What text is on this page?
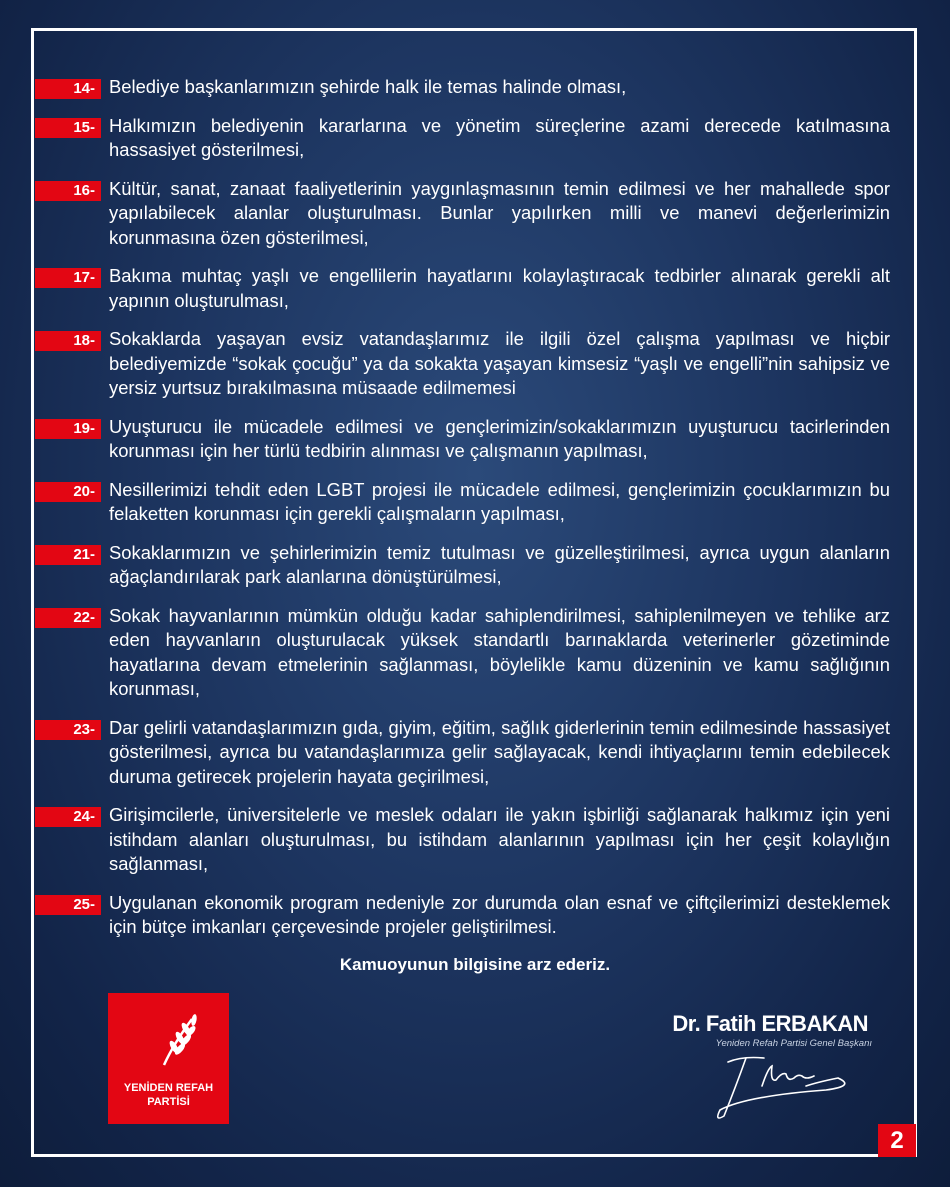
14- Belediye başkanlarımızın şehirde halk ile temas halinde olması,
15- Halkımızın belediyenin kararlarına ve yönetim süreçlerine azami derecede katılmasına hassasiyet gösterilmesi,
16- Kültür, sanat, zanaat faaliyetlerinin yaygınlaşmasının temin edilmesi ve her mahallede spor yapılabilecek alanlar oluşturulması. Bunlar yapılırken milli ve manevi değerlerimizin korunmasına özen gösterilmesi,
17- Bakıma muhtaç yaşlı ve engellilerin hayatlarını kolaylaştıracak tedbirler alınarak gerekli alt yapının oluşturulması,
18- Sokaklarda yaşayan evsiz vatandaşlarımız ile ilgili özel çalışma yapılması ve hiçbir belediyemizde “sokak çocuğu” ya da sokakta yaşayan kimsesiz “yaşlı ve engelli”nin sahipsiz ve yersiz yurtsuz bırakılmasına müsaade edilmemesi
19- Uyuşturucu ile mücadele edilmesi ve gençlerimizin/sokaklarımızın uyuşturucu tacirlerinden korunması için her türlü tedbirin alınması ve çalışmanın yapılması,
20- Nesillerimizi tehdit eden LGBT projesi ile mücadele edilmesi, gençlerimizin çocuklarımızın bu felaketten korunması için gerekli çalışmaların yapılması,
21- Sokaklarımızın ve şehirlerimizin temiz tutulması ve güzelleştirilmesi, ayrıca uygun alanların ağaçlandırılarak park alanlarına dönüştürülmesi,
22- Sokak hayvanlarının mümkün olduğu kadar sahiplendirilmesi, sahiplenilmeyen ve tehlike arz eden hayvanların oluşturulacak yüksek standartlı barınaklarda veterinerler gözetiminde hayatlarına devam etmelerinin sağlanması, böylelikle kamu düzeninin ve kamu sağlığının korunması,
23- Dar gelirli vatandaşlarımızın gıda, giyim, eğitim, sağlık giderlerinin temin edilmesinde hassasiyet gösterilmesi, ayrıca bu vatandaşlarımıza gelir sağlayacak, kendi ihtiyaçlarını temin edebilecek duruma getirecek projelerin hayata geçirilmesi,
24- Girişimcilerle, üniversitelerle ve meslek odaları ile yakın işbirliği sağlanarak halkımız için yeni istihdam alanları oluşturulması, bu istihdam alanlarının yapılması için her çeşit kolaylığın sağlanması,
25- Uygulanan ekonomik program nedeniyle zor durumda olan esnaf ve çiftçilerimizi desteklemek için bütçe imkanları çerçevesinde projeler geliştirilmesi.
Kamuoyunun bilgisine arz ederiz.
YENİDEN REFAH
PARTİSİ
Dr. Fatih ERBAKAN
Yeniden Refah Partisi Genel Başkanı
2
